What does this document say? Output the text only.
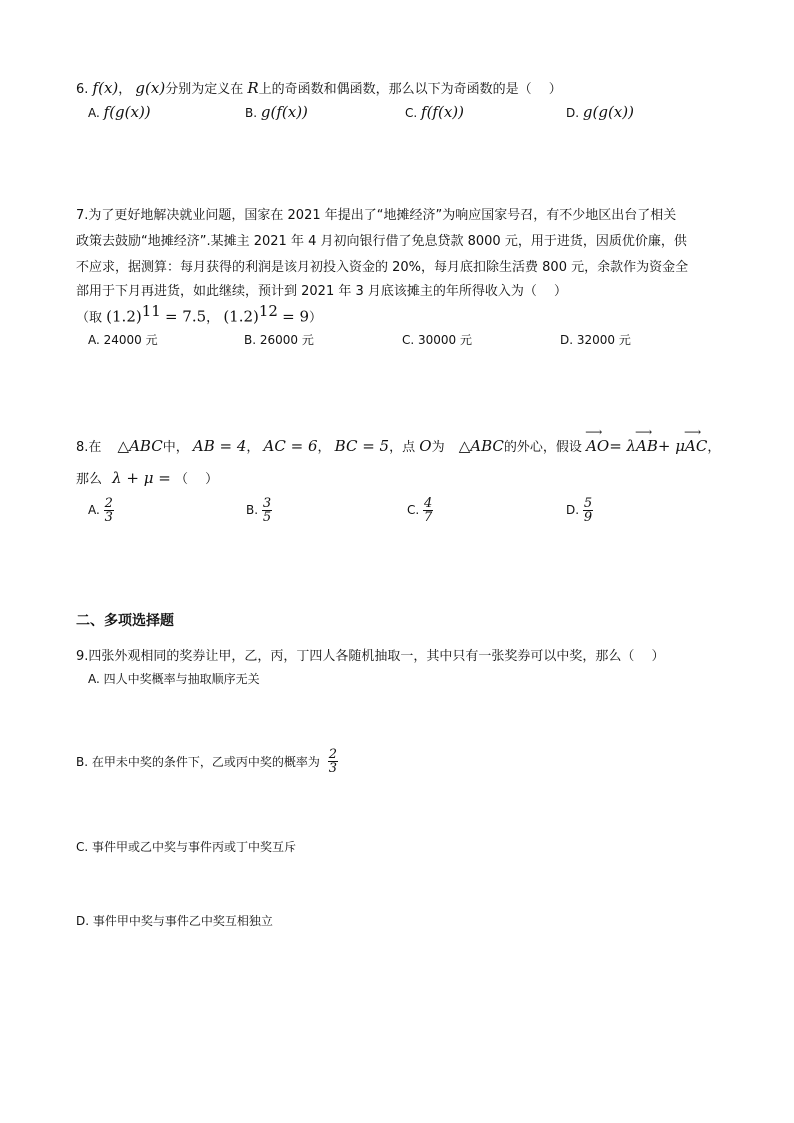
6. f(x)， g(x)分别为定义在 R上的奇函数和偶函数，那么以下为奇函数的是（　 ）
A. f(g(x))	B. g(f(x))	C. f(f(x))	D. g(g(x))
7.为了更好地解决就业问题，国家在 2021 年提出了“地摊经济”为响应国家号召，有不少地区出台了相关
政策去鼓励“地摊经济”.某摊主 2021 年 4 月初向银行借了免息贷款 8000 元，用于进货，因质优价廉，供
不应求，据测算：每月获得的利润是该月初投入资金的 20%，每月底扣除生活费 800 元，余款作为资金全
部用于下月再进货，如此继续，预计到 2021 年 3 月底该摊主的年所得收入为（　 ）
（取 $(1.2)^{11} = 7.5$， $(1.2)^{12} = 9$）
A. 24000 元	B. 26000 元	C. 30000 元	D. 32000 元
8.在 △ABC中， AB = 4， AC = 6， BC = 5，点 O为 △ABC的外心，假设 ⟶ AO= λ⟶ AB+ μ⟶ AC，
那么 λ + μ = （　 ）
A. $\frac{2}{3}$	B. $\frac{3}{5}$	C. $\frac{4}{7}$	D. $\frac{5}{9}$
二、多项选择题
9.四张外观相同的奖券让甲，乙，丙，丁四人各随机抽取一，其中只有一张奖券可以中奖，那么（　 ）
A. 四人中奖概率与抽取顺序无关
B. 在甲未中奖的条件下，乙或丙中奖的概率为 $\frac{2}{3}$
C. 事件甲或乙中奖与事件丙或丁中奖互斥
D. 事件甲中奖与事件乙中奖互相独立
